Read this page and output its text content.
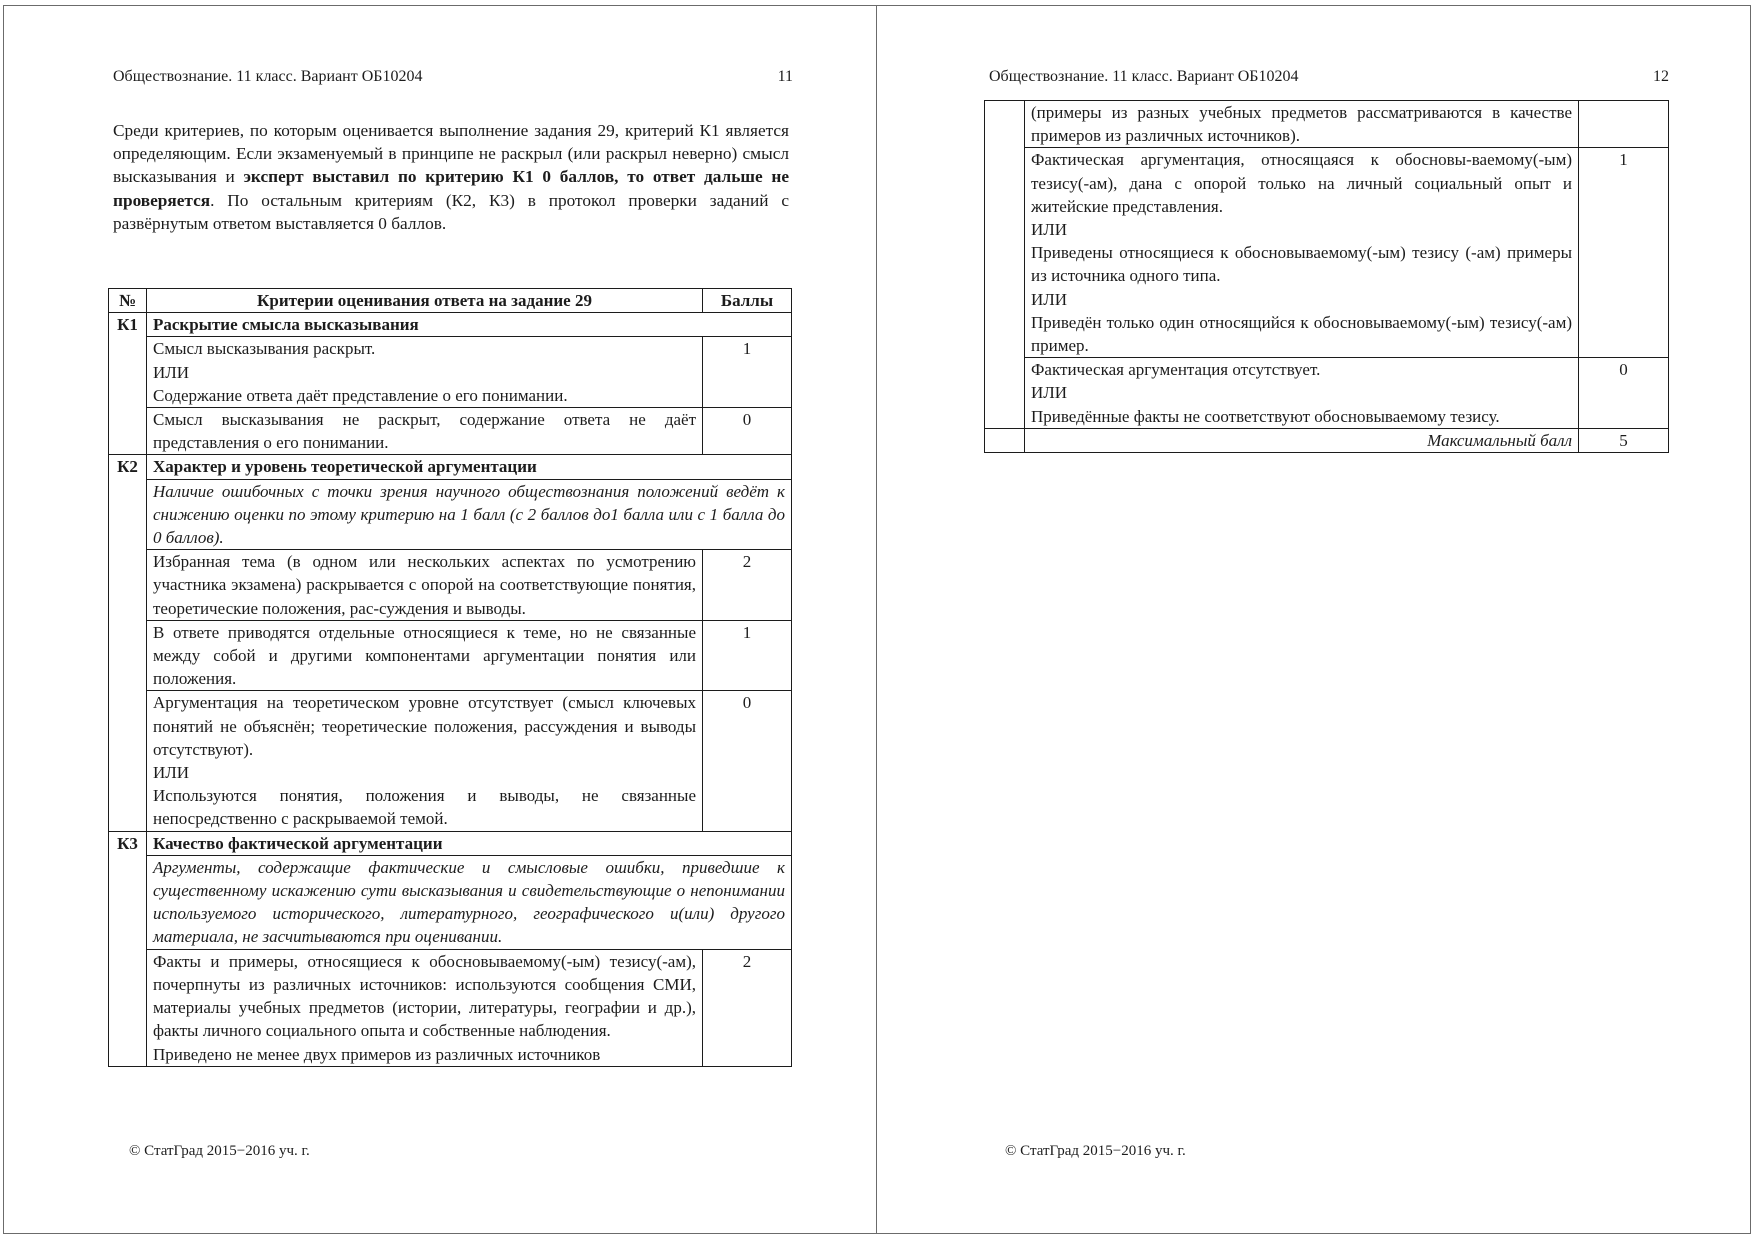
Обществознание. 11 класс. Вариант ОБ10204	11

Среди критериев, по которым оценивается выполнение задания 29, критерий К1 является определяющим. Если экзаменуемый в принципе не раскрыл (или раскрыл неверно) смысл высказывания и эксперт выставил по критерию К1 0 баллов, то ответ дальше не проверяется. По остальным критериям (К2, К3) в протокол проверки заданий с развёрнутым ответом выставляется 0 баллов.

№	Критерии оценивания ответа на задание 29	Баллы
К1	Раскрытие смысла высказывания	

	Смысл высказывания раскрыт.
ИЛИ
Содержание ответа даёт представление о его понимании.	1
	Смысл высказывания не раскрыт, содержание ответа не даёт представления о его понимании.	0
К2	Характер и уровень теоретической аргументации	
	Наличие ошибочных с точки зрения научного обществознания положений ведёт к снижению оценки по этому критерию на 1 балл (с 2 баллов до1 балла или с 1 балла до 0 баллов).	
	Избранная тема (в одном или нескольких аспектах по усмотрению участника экзамена) раскрывается с опорой на соответствующие понятия, теоретические положения, рас-суждения и выводы.	2
	В ответе приводятся отдельные относящиеся к теме, но не связанные между собой и другими компонентами аргументации понятия или положения.	1

	Аргументация на теоретическом уровне отсутствует (смысл ключевых понятий не объяснён; теоретические положения, рассуждения и выводы отсутствуют).
ИЛИ
Используются понятия, положения и выводы, не связанные непосредственно с раскрываемой темой.	0
К3	Качество фактической аргументации	
	Аргументы, содержащие фактические и смысловые ошибки, приведшие к существенному искажению сути высказывания и свидетельствующие о непонимании используемого исторического, литературного, географического и(или) другого материала, не засчитываются при оценивании.	

	Факты и примеры, относящиеся к обосновываемому(-ым) тезису(-ам), почерпнуты из различных источников: используются сообщения СМИ, материалы учебных предметов (истории, литературы, географии и др.), факты личного социального опыта и собственные наблюдения.
Приведено не менее двух примеров из различных источников	2
© СтатГрад 2015−2016 уч. г.
Обществознание. 11 класс. Вариант ОБ10204	12
	(примеры из разных учебных предметов рассматриваются в качестве примеров из различных источников).	

	Фактическая аргументация, относящаяся к обосновы-ваемому(-ым) тезису(-ам), дана с опорой только на личный социальный опыт и житейские представления.
ИЛИ
Приведены относящиеся к обосновываемому(-ым) тезису (-ам) примеры из источника одного типа.
ИЛИ
Приведён только один относящийся к обосновываемому(-ым) тезису(-ам) пример.	1

	Фактическая аргументация отсутствует.
ИЛИ
Приведённые факты не соответствуют обосновываемому тезису.	0
	Максимальный балл	5
© СтатГрад 2015−2016 уч. г.
